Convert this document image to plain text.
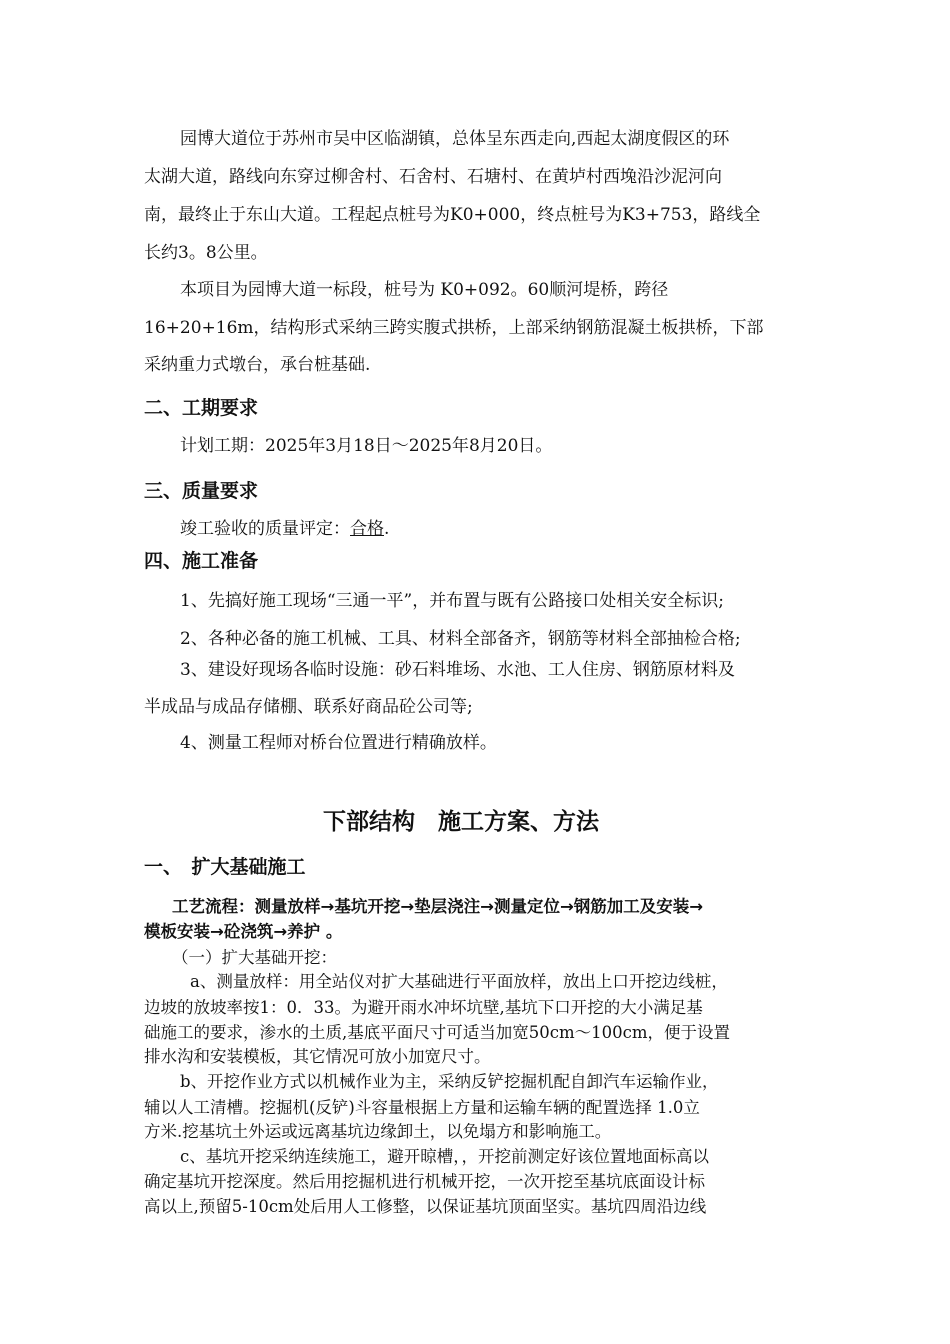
园博大道位于苏州市吴中区临湖镇，总体呈东西走向,西起太湖度假区的环

太湖大道，路线向东穿过柳舍村、石舍村、石塘村、在黄垆村西堍沿沙泥河向

南，最终止于东山大道。工程起点桩号为K0+000，终点桩号为K3+753，路线全

长约3。8公里。

本项目为园博大道一标段，桩号为 K0+092。60顺河堤桥，跨径

16+20+16m，结构形式采纳三跨实腹式拱桥，上部采纳钢筋混凝土板拱桥，下部

采纳重力式墩台，承台桩基础.

二、工期要求

计划工期：2025年3月18日～2025年8月20日。

三、质量要求

竣工验收的质量评定：合格.

四、施工准备

1、先搞好施工现场“三通一平”，并布置与既有公路接口处相关安全标识;

2、各种必备的施工机械、工具、材料全部备齐，钢筋等材料全部抽检合格;

3、建设好现场各临时设施：砂石料堆场、水池、工人住房、钢筋原材料及

半成品与成品存储棚、联系好商品砼公司等;

4、测量工程师对桥台位置进行精确放样。

下部结构　施工方案、方法
一、　扩大基础施工

工艺流程：测量放样→基坑开挖→垫层浇注→测量定位→钢筋加工及安装→

模板安装→砼浇筑→养护 。

（一）扩大基础开挖：

a、测量放样：用全站仪对扩大基础进行平面放样，放出上口开挖边线桩，

边坡的放坡率按1：0．33。为避开雨水冲坏坑壁,基坑下口开挖的大小满足基

础施工的要求，渗水的土质,基底平面尺寸可适当加宽50cm～100cm，便于设置

排水沟和安装模板，其它情况可放小加宽尺寸。

b、开挖作业方式以机械作业为主，采纳反铲挖掘机配自卸汽车运输作业，

辅以人工清槽。挖掘机(反铲)斗容量根据上方量和运输车辆的配置选择 1.0立

方米.挖基坑土外运或远离基坑边缘卸土，以免塌方和影响施工。

c、基坑开挖采纳连续施工，避开晾槽，，开挖前测定好该位置地面标高以

确定基坑开挖深度。然后用挖掘机进行机械开挖，一次开挖至基坑底面设计标

高以上,预留5-10cm处后用人工修整，以保证基坑顶面坚实。基坑四周沿边线
